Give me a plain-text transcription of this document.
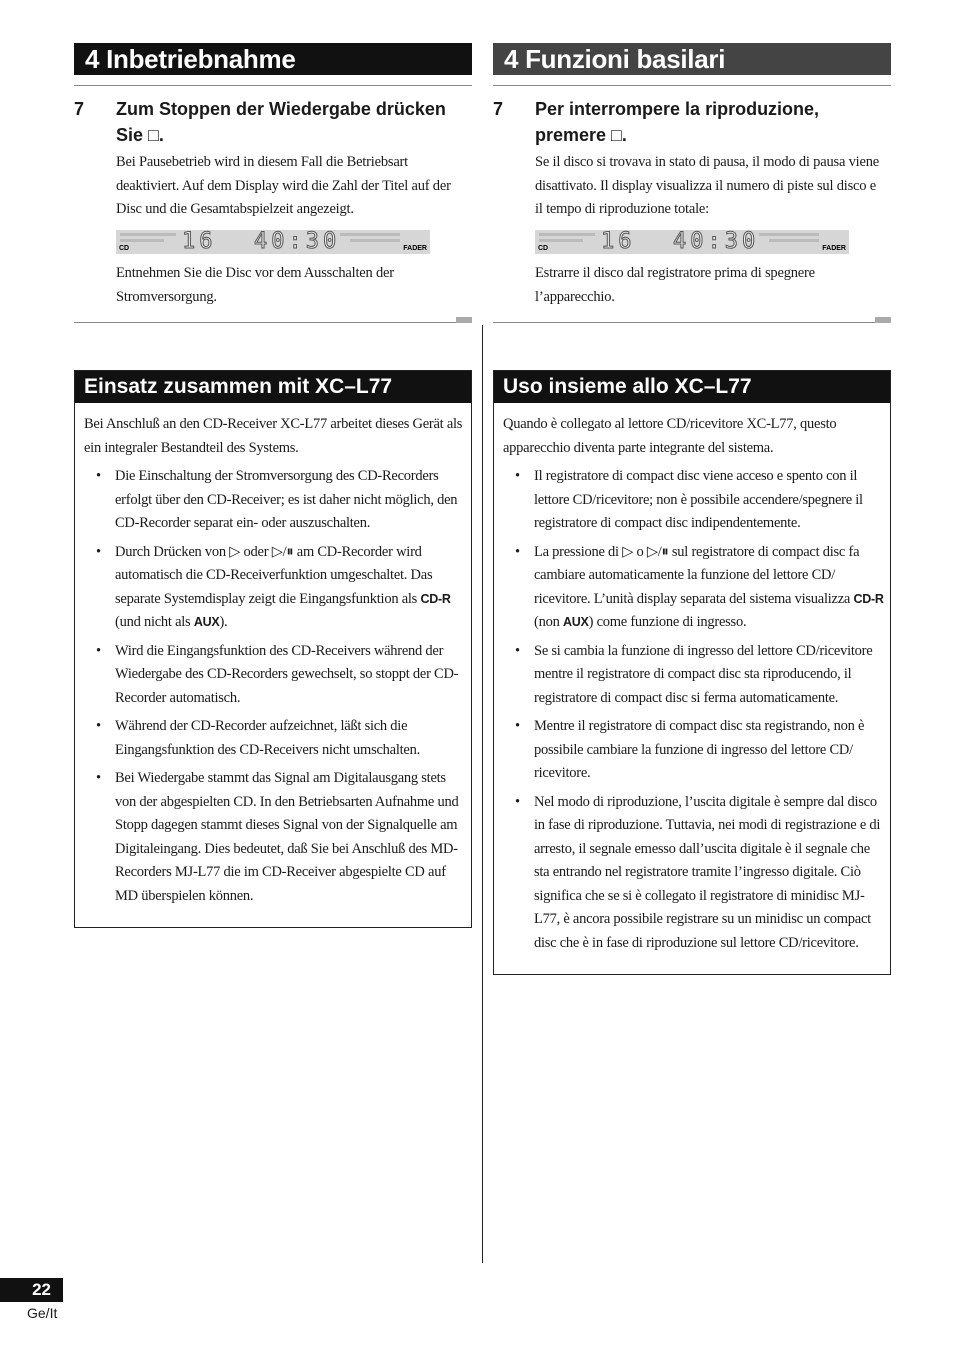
4 Inbetriebnahme
7 Zum Stoppen der Wiedergabe drücken Sie □.
Bei Pausebetrieb wird in diesem Fall die Betriebsart deaktiviert. Auf dem Display wird die Zahl der Titel auf der Disc und die Gesamtabspielzeit angezeigt.
CD 16 40:30	FADER
Entnehmen Sie die Disc vor dem Ausschalten der Stromversorgung.
Einsatz zusammen mit XC–L77

Bei Anschluß an den CD-Receiver XC-L77 arbeitet dieses Gerät als ein integraler Bestandteil des Systems.

• Die Einschaltung der Stromversorgung des CD-Recorders erfolgt über den CD-Receiver; es ist daher nicht möglich, den CD-Recorder separat ein- oder auszuschalten.
• Durch Drücken von ▷ oder ▷/⏸ am CD-Recorder wird automatisch die CD-Receiverfunktion umgeschaltet. Das separate Systemdisplay zeigt die Eingangsfunktion als CD-R (und nicht als AUX).
• Wird die Eingangsfunktion des CD-Receivers während der Wiedergabe des CD-Recorders gewechselt, so stoppt der CD-Recorder automatisch.
• Während der CD-Recorder aufzeichnet, läßt sich die Eingangsfunktion des CD-Receivers nicht umschalten.
• Bei Wiedergabe stammt das Signal am Digitalausgang stets von der abgespielten CD. In den Betriebsarten Aufnahme und Stopp dagegen stammt dieses Signal von der Signalquelle am Digitaleingang. Dies bedeutet, daß Sie bei Anschluß des MD-Recorders MJ-L77 die im CD-Receiver abgespielte CD auf MD überspielen können.
4 Funzioni basilari
7 Per interrompere la riproduzione, premere □.
Se il disco si trovava in stato di pausa, il modo di pausa viene disattivato. Il display visualizza il numero di piste sul disco e il tempo di riproduzione totale:
CD 16 40:30	FADER
Estrarre il disco dal registratore prima di spegnere l’apparecchio.
Uso insieme allo XC–L77

Quando è collegato al lettore CD/ricevitore XC-L77, questo apparecchio diventa parte integrante del sistema.

• Il registratore di compact disc viene acceso e spento con il lettore CD/ricevitore; non è possibile accendere/spegnere il registratore di compact disc indipendentemente.
• La pressione di ▷ o ▷/⏸ sul registratore di compact disc fa cambiare automaticamente la funzione del lettore CD/ ricevitore. L’unità display separata del sistema visualizza CD-R (non AUX) come funzione di ingresso.
• Se si cambia la funzione di ingresso del lettore CD/ricevitore mentre il registratore di compact disc sta riproducendo, il registratore di compact disc si ferma automaticamente.
• Mentre il registratore di compact disc sta registrando, non è possibile cambiare la funzione di ingresso del lettore CD/ ricevitore.
• Nel modo di riproduzione, l’uscita digitale è sempre dal disco in fase di riproduzione. Tuttavia, nei modi di registrazione e di arresto, il segnale emesso dall’uscita digitale è il segnale che sta entrando nel registratore tramite l’ingresso digitale. Ciò significa che se si è collegato il registratore di minidisc MJ-L77, è ancora possibile registrare su un minidisc un compact disc che è in fase di riproduzione sul lettore CD/ricevitore.
22
Ge/It
